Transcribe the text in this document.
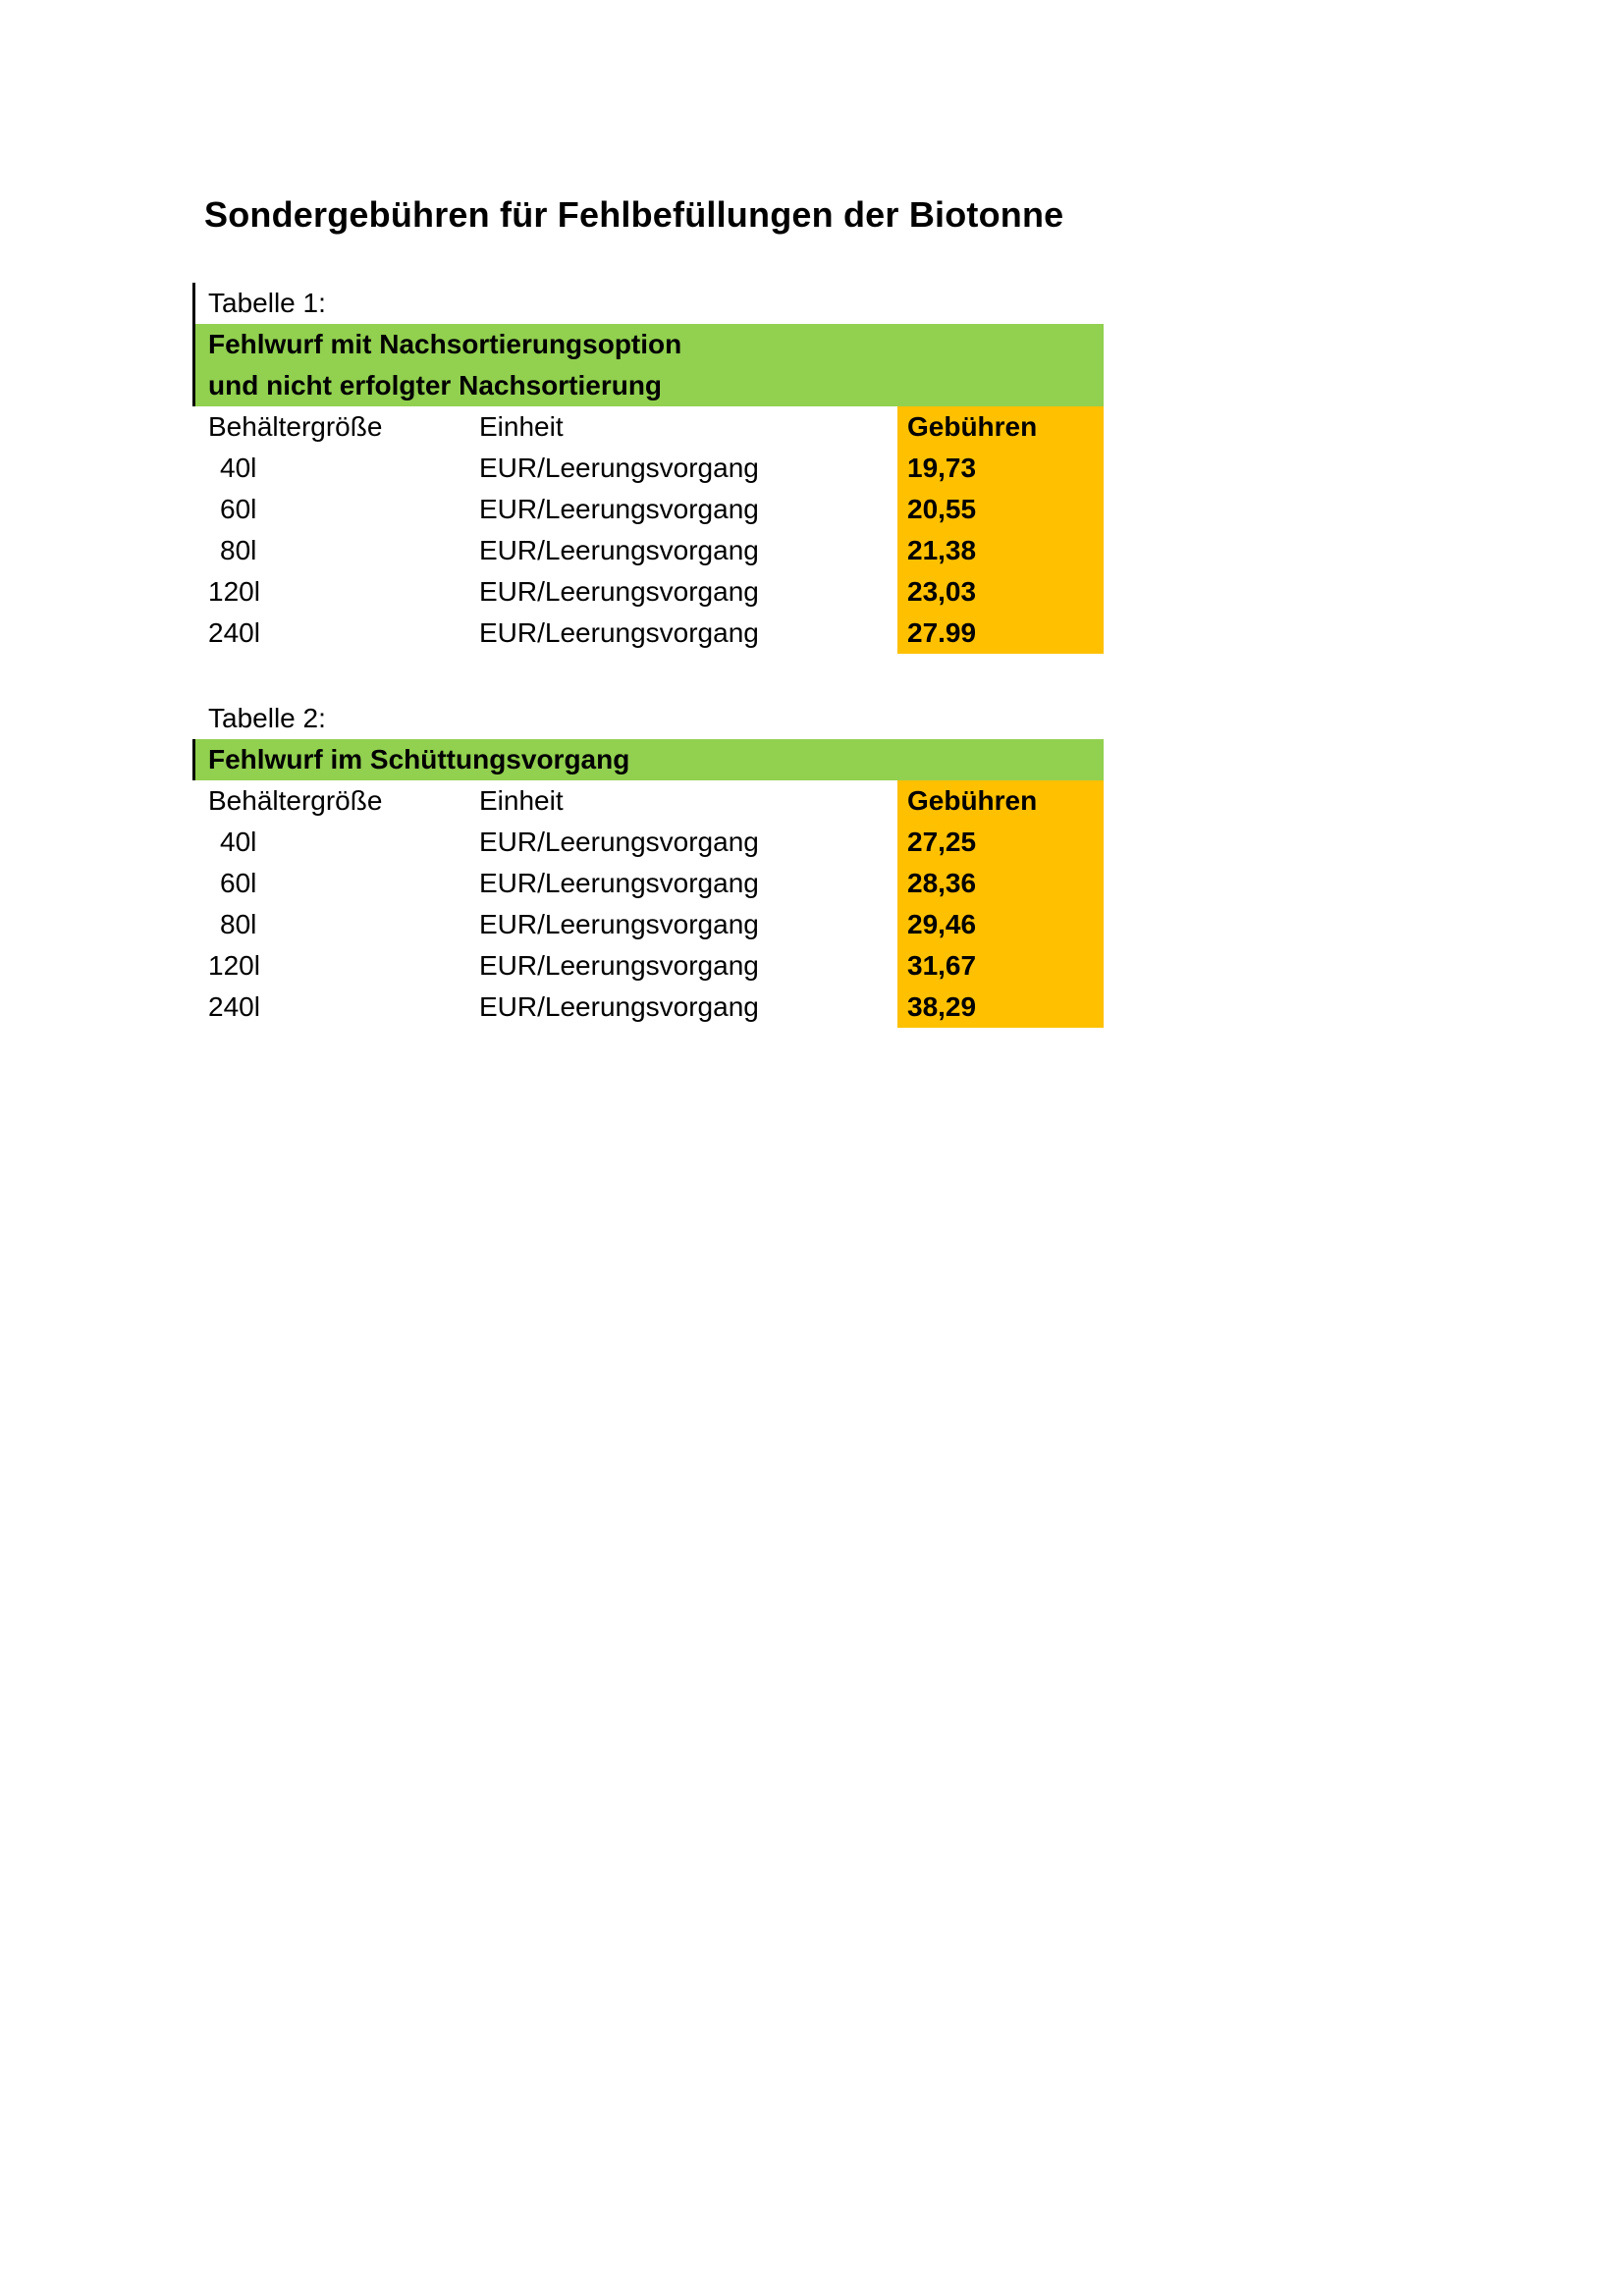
Sondergebühren für Fehlbefüllungen der Biotonne
Tabelle 1:
Fehlwurf mit Nachsortierungsoption
und nicht erfolgter Nachsortierung
Behältergröße	Einheit	Gebühren
40l	EUR/Leerungsvorgang	19,73
60l	EUR/Leerungsvorgang	20,55
80l	EUR/Leerungsvorgang	21,38
120l	EUR/Leerungsvorgang	23,03
240l	EUR/Leerungsvorgang	27.99
Tabelle 2:
Fehlwurf im Schüttungsvorgang
Behältergröße	Einheit	Gebühren
40l	EUR/Leerungsvorgang	27,25
60l	EUR/Leerungsvorgang	28,36
80l	EUR/Leerungsvorgang	29,46
120l	EUR/Leerungsvorgang	31,67
240l	EUR/Leerungsvorgang	38,29
